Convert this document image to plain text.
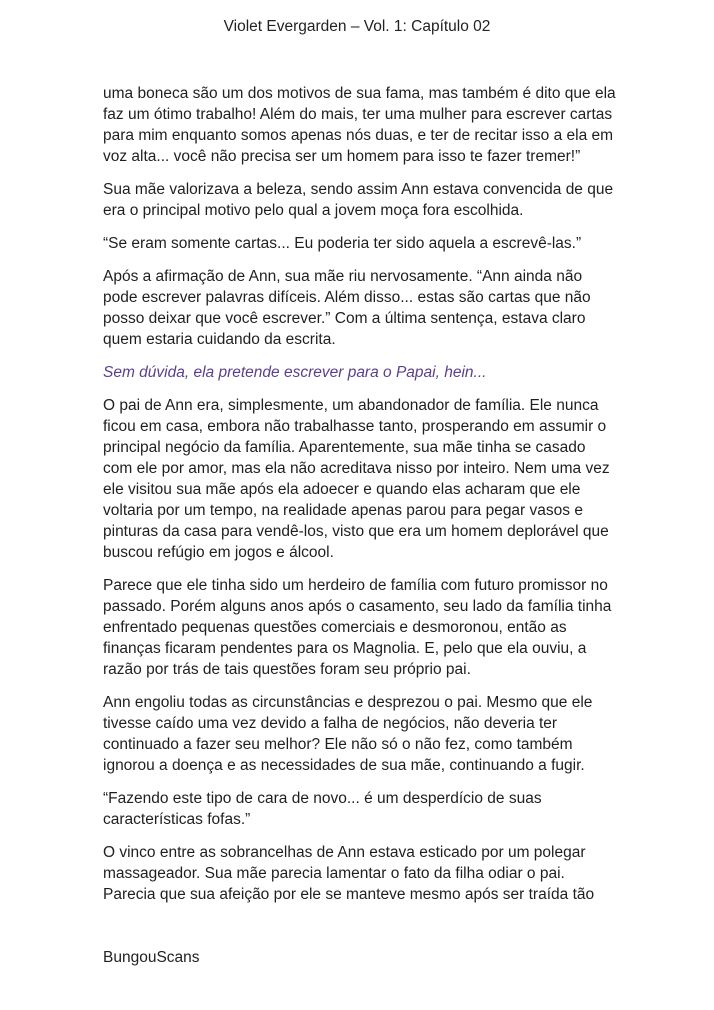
Violet Evergarden – Vol. 1: Capítulo 02

uma boneca são um dos motivos de sua fama, mas também é dito que ela faz um ótimo trabalho! Além do mais, ter uma mulher para escrever cartas para mim enquanto somos apenas nós duas, e ter de recitar isso a ela em voz alta... você não precisa ser um homem para isso te fazer tremer!”

Sua mãe valorizava a beleza, sendo assim Ann estava convencida de que era o principal motivo pelo qual a jovem moça fora escolhida.

“Se eram somente cartas... Eu poderia ter sido aquela a escrevê-las.”

Após a afirmação de Ann, sua mãe riu nervosamente. “Ann ainda não pode escrever palavras difíceis. Além disso... estas são cartas que não posso deixar que você escrever.” Com a última sentença, estava claro quem estaria cuidando da escrita.

Sem dúvida, ela pretende escrever para o Papai, hein...

O pai de Ann era, simplesmente, um abandonador de família. Ele nunca ficou em casa, embora não trabalhasse tanto, prosperando em assumir o principal negócio da família. Aparentemente, sua mãe tinha se casado com ele por amor, mas ela não acreditava nisso por inteiro. Nem uma vez ele visitou sua mãe após ela adoecer e quando elas acharam que ele voltaria por um tempo, na realidade apenas parou para pegar vasos e pinturas da casa para vendê-los, visto que era um homem deplorável que buscou refúgio em jogos e álcool.

Parece que ele tinha sido um herdeiro de família com futuro promissor no passado. Porém alguns anos após o casamento, seu lado da família tinha enfrentado pequenas questões comerciais e desmoronou, então as finanças ficaram pendentes para os Magnolia. E, pelo que ela ouviu, a razão por trás de tais questões foram seu próprio pai.

Ann engoliu todas as circunstâncias e desprezou o pai. Mesmo que ele tivesse caído uma vez devido a falha de negócios, não deveria ter continuado a fazer seu melhor? Ele não só o não fez, como também ignorou a doença e as necessidades de sua mãe, continuando a fugir.

“Fazendo este tipo de cara de novo... é um desperdício de suas características fofas.”

O vinco entre as sobrancelhas de Ann estava esticado por um polegar massageador. Sua mãe parecia lamentar o fato da filha odiar o pai. Parecia que sua afeição por ele se manteve mesmo após ser traída tão

BungouScans
